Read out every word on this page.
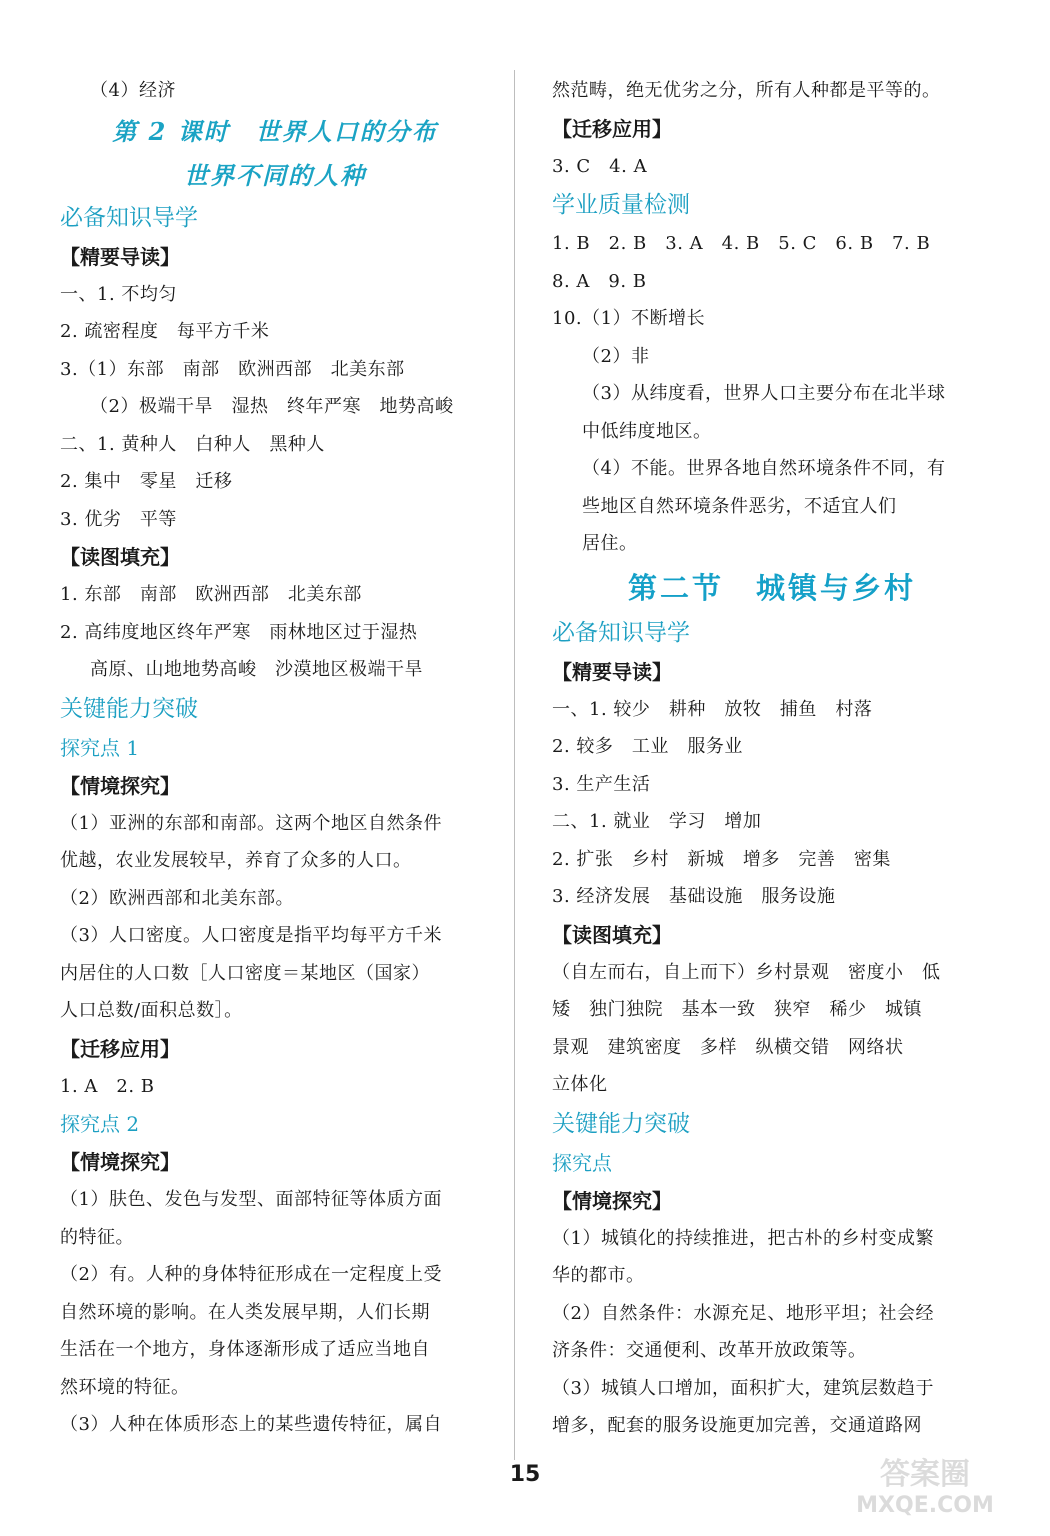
（4）经济
第 2 课时　世界人口的分布
世界不同的人种
必备知识导学
【精要导读】
一、1. 不均匀
2. 疏密程度　每平方千米
3.（1）东部　南部　欧洲西部　北美东部
（2）极端干旱　湿热　终年严寒　地势高峻
二、1. 黄种人　白种人　黑种人
2. 集中　零星　迁移
3. 优劣　平等
【读图填充】
1. 东部　南部　欧洲西部　北美东部
2. 高纬度地区终年严寒　雨林地区过于湿热
高原、山地地势高峻　沙漠地区极端干旱
关键能力突破
探究点 1
【情境探究】
（1）亚洲的东部和南部。这两个地区自然条件
优越，农业发展较早，养育了众多的人口。
（2）欧洲西部和北美东部。
（3）人口密度。人口密度是指平均每平方千米
内居住的人口数［人口密度＝某地区（国家）
人口总数/面积总数］。
【迁移应用】
1. A　2. B
探究点 2
【情境探究】
（1）肤色、发色与发型、面部特征等体质方面
的特征。
（2）有。人种的身体特征形成在一定程度上受
自然环境的影响。在人类发展早期，人们长期
生活在一个地方，身体逐渐形成了适应当地自
然环境的特征。
（3）人种在体质形态上的某些遗传特征，属自
然范畴，绝无优劣之分，所有人种都是平等的。
【迁移应用】
3. C　4. A
学业质量检测
1. B　2. B　3. A　4. B　5. C　6. B　7. B
8. A　9. B
10.（1）不断增长
（2）非
（3）从纬度看，世界人口主要分布在北半球
中低纬度地区。
（4）不能。世界各地自然环境条件不同，有
些地区自然环境条件恶劣，不适宜人们
居住。
第二节　城镇与乡村
必备知识导学
【精要导读】
一、1. 较少　耕种　放牧　捕鱼　村落
2. 较多　工业　服务业
3. 生产生活
二、1. 就业　学习　增加
2. 扩张　乡村　新城　增多　完善　密集
3. 经济发展　基础设施　服务设施
【读图填充】
（自左而右，自上而下）乡村景观　密度小　低
矮　独门独院　基本一致　狭窄　稀少　城镇
景观　建筑密度　多样　纵横交错　网络状
立体化
关键能力突破
探究点
【情境探究】
（1）城镇化的持续推进，把古朴的乡村变成繁
华的都市。
（2）自然条件：水源充足、地形平坦；社会经
济条件：交通便利、改革开放政策等。
（3）城镇人口增加，面积扩大，建筑层数趋于
增多，配套的服务设施更加完善，交通道路网
15	答案圈
MXQE.COM
